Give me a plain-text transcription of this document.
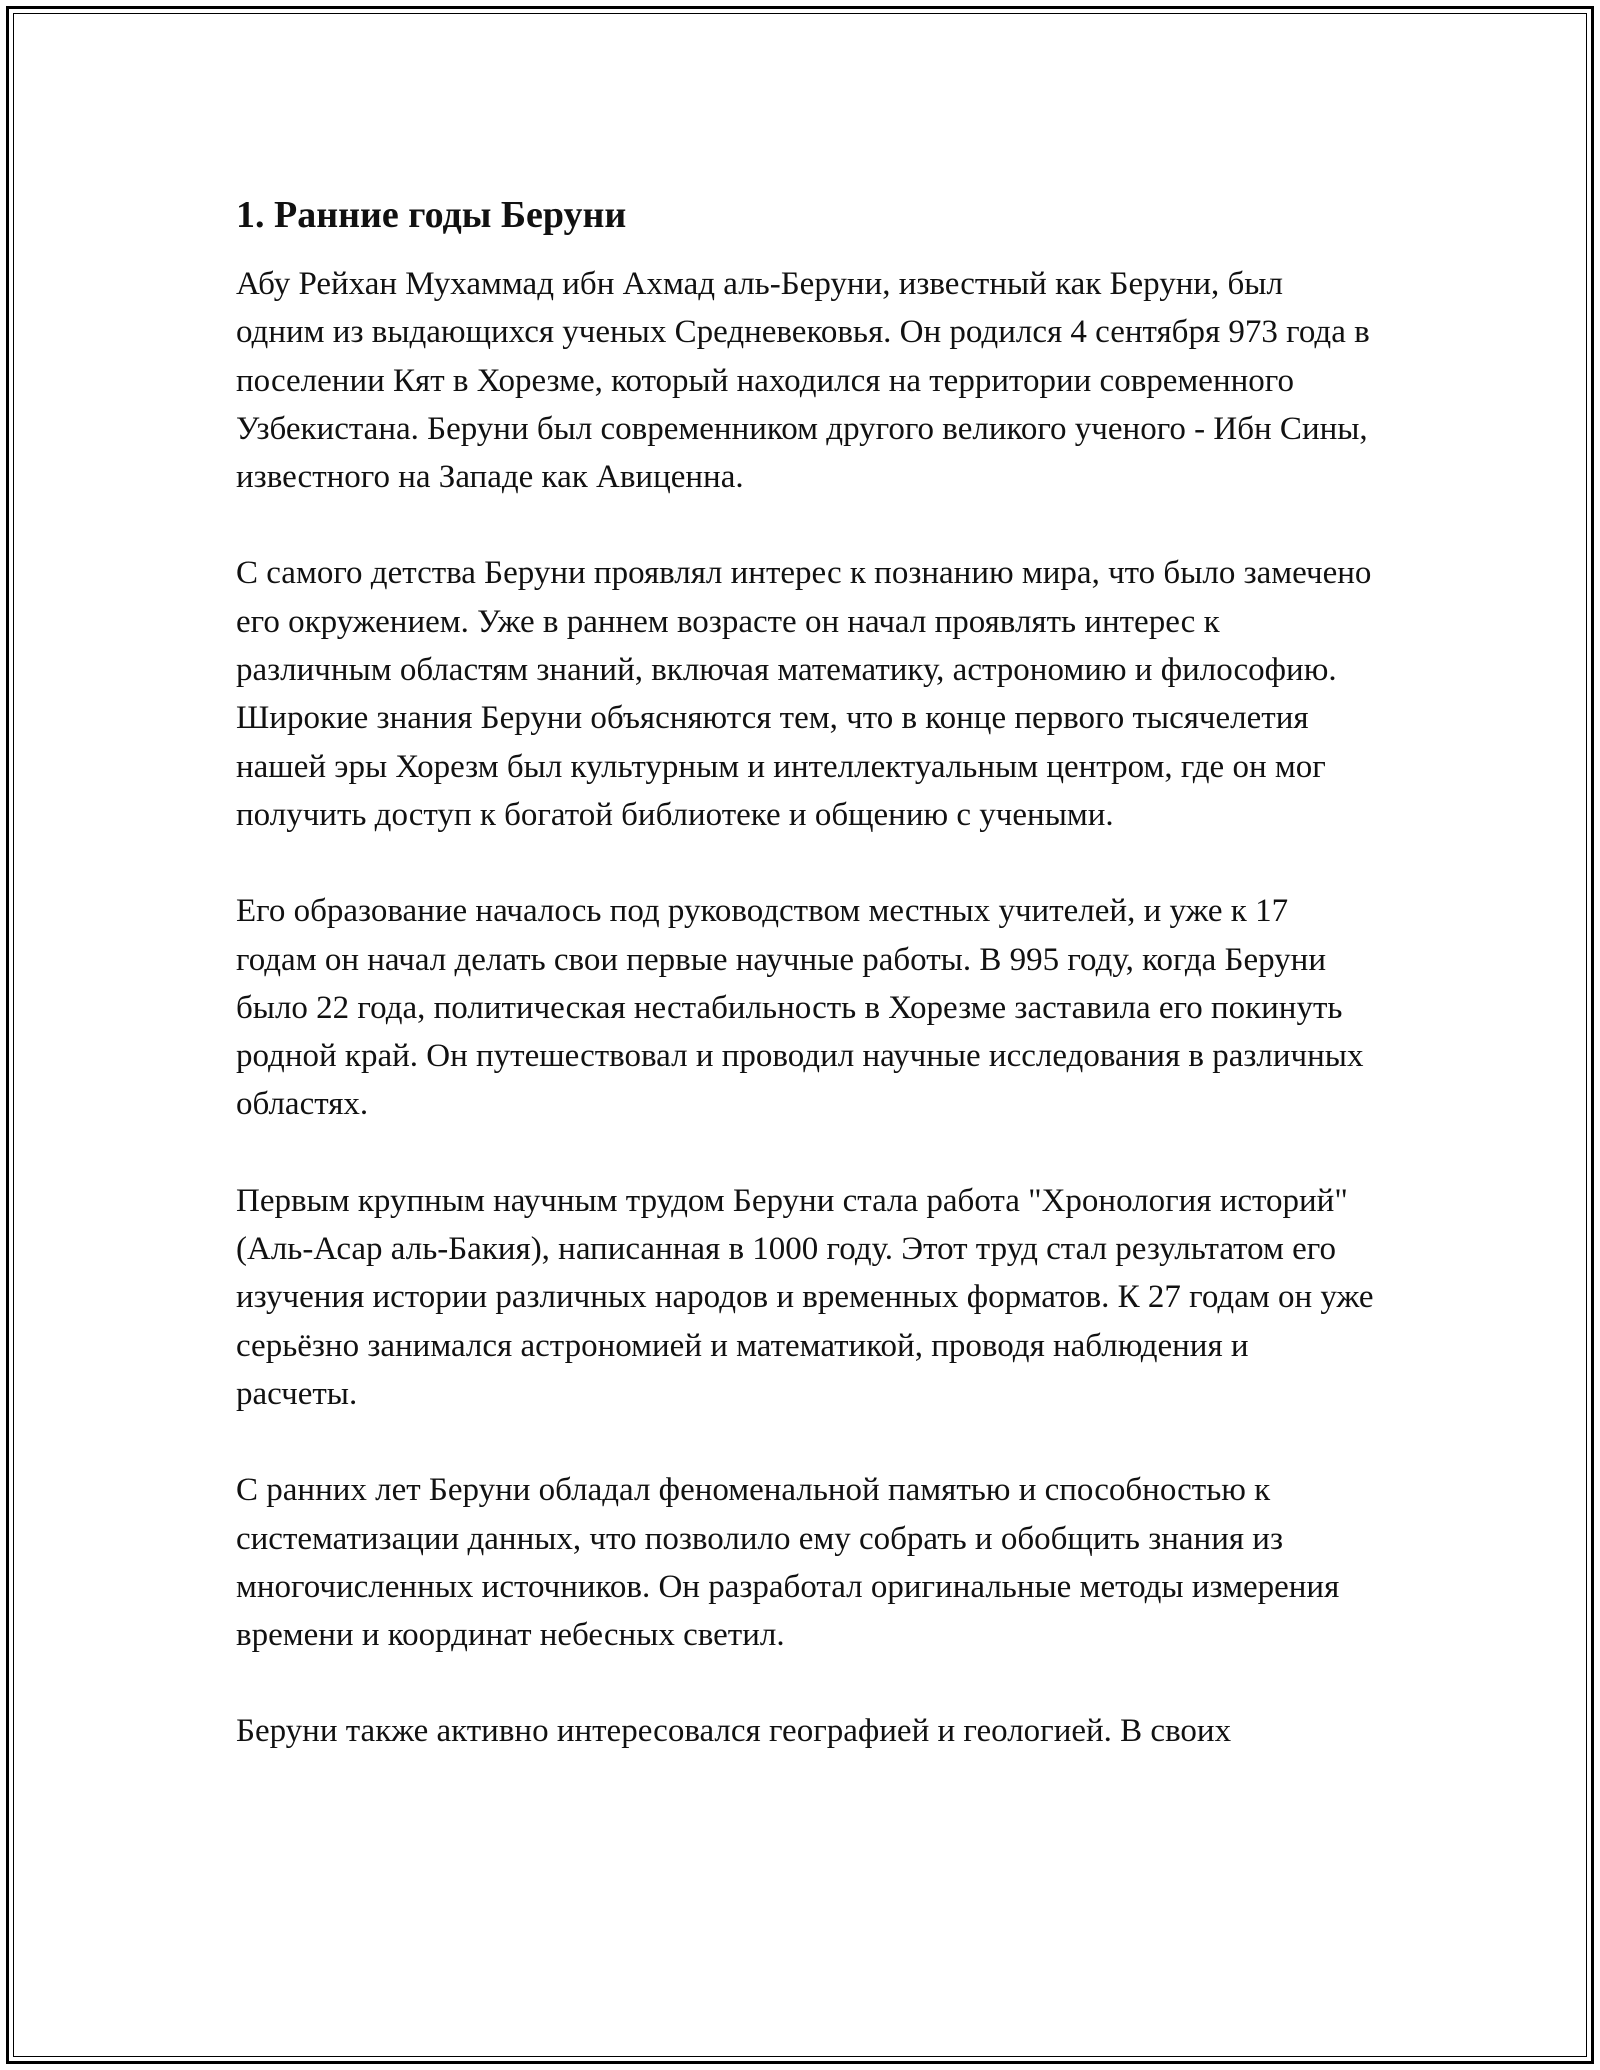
1. Ранние годы Беруни

Абу Рейхан Мухаммад ибн Ахмад аль-Беруни, известный как Беруни, был одним из выдающихся ученых Средневековья. Он родился 4 сентября 973 года в поселении Кят в Хорезме, который находился на территории современного Узбекистана. Беруни был современником другого великого ученого - Ибн Сины, известного на Западе как Авиценна.

С самого детства Беруни проявлял интерес к познанию мира, что было замечено его окружением. Уже в раннем возрасте он начал проявлять интерес к различным областям знаний, включая математику, астрономию и философию. Широкие знания Беруни объясняются тем, что в конце первого тысячелетия нашей эры Хорезм был культурным и интеллектуальным центром, где он мог получить доступ к богатой библиотеке и общению с учеными.

Его образование началось под руководством местных учителей, и уже к 17 годам он начал делать свои первые научные работы. В 995 году, когда Беруни было 22 года, политическая нестабильность в Хорезме заставила его покинуть родной край. Он путешествовал и проводил научные исследования в различных областях.

Первым крупным научным трудом Беруни стала работа "Хронология историй" (Аль-Асар аль-Бакия), написанная в 1000 году. Этот труд стал результатом его изучения истории различных народов и временных форматов. К 27 годам он уже серьёзно занимался астрономией и математикой, проводя наблюдения и расчеты.

С ранних лет Беруни обладал феноменальной памятью и способностью к систематизации данных, что позволило ему собрать и обобщить знания из многочисленных источников. Он разработал оригинальные методы измерения времени и координат небесных светил.

Беруни также активно интересовался географией и геологией. В своих
